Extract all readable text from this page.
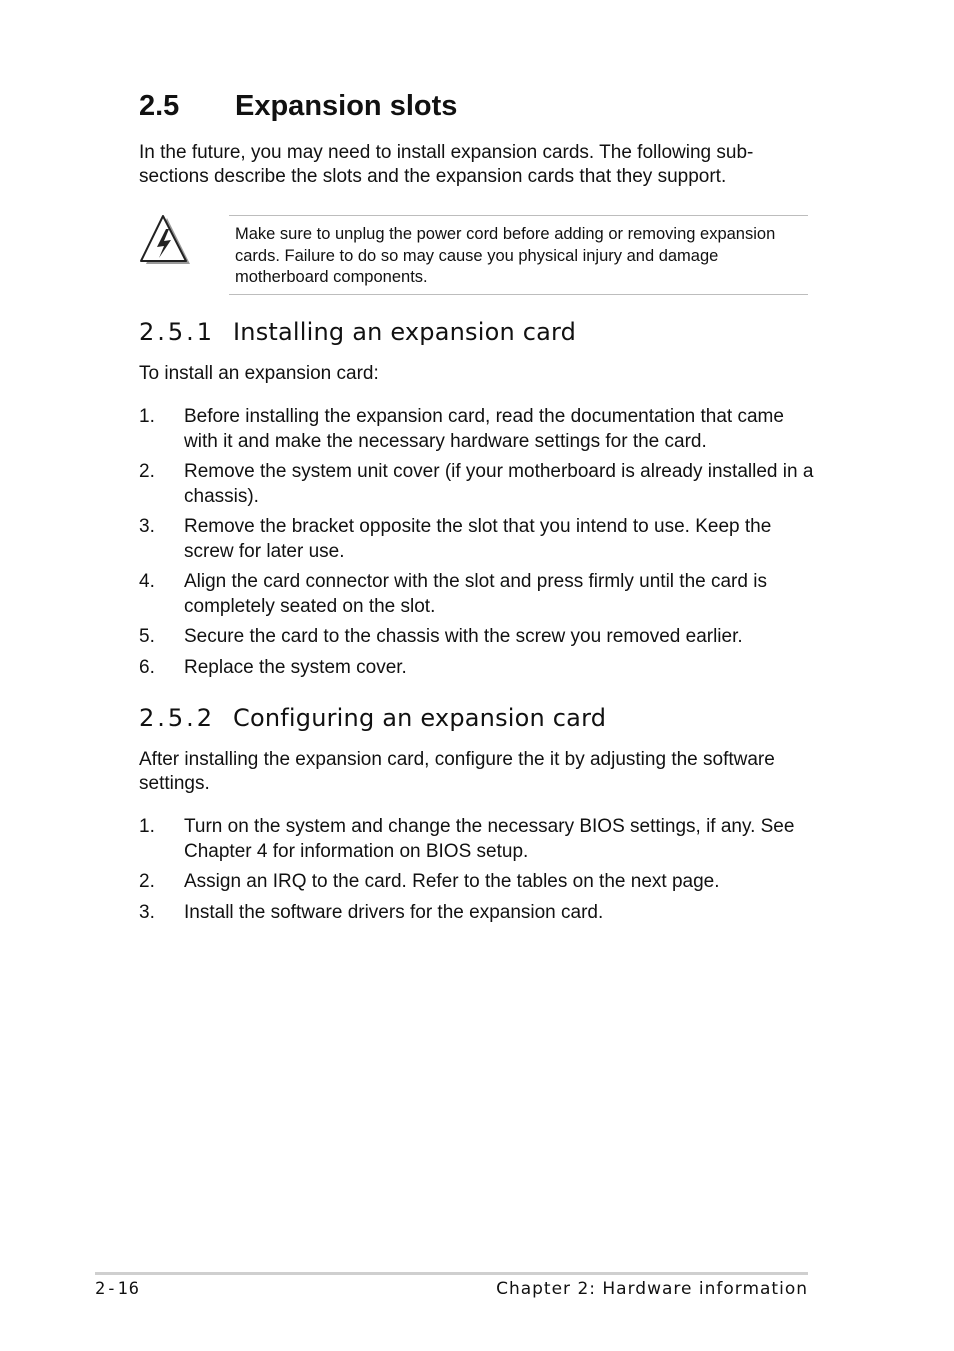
2.5 Expansion slots

In the future, you may need to install expansion cards. The following sub-sections describe the slots and the expansion cards that they support.

Make sure to unplug the power cord before adding or removing expansion cards. Failure to do so may cause you physical injury and damage motherboard components.

2.5.1 Installing an expansion card

To install an expansion card:

1. Before installing the expansion card, read the documentation that came with it and make the necessary hardware settings for the card.
2. Remove the system unit cover (if your motherboard is already installed in a chassis).
3. Remove the bracket opposite the slot that you intend to use. Keep the screw for later use.
4. Align the card connector with the slot and press firmly until the card is completely seated on the slot.
5. Secure the card to the chassis with the screw you removed earlier.
6. Replace the system cover.
2.5.2 Configuring an expansion card

After installing the expansion card, configure the it by adjusting the software settings.

1. Turn on the system and change the necessary BIOS settings, if any. See Chapter 4 for information on BIOS setup.
2. Assign an IRQ to the card. Refer to the tables on the next page.
3. Install the software drivers for the expansion card.
2-16	Chapter 2: Hardware information
